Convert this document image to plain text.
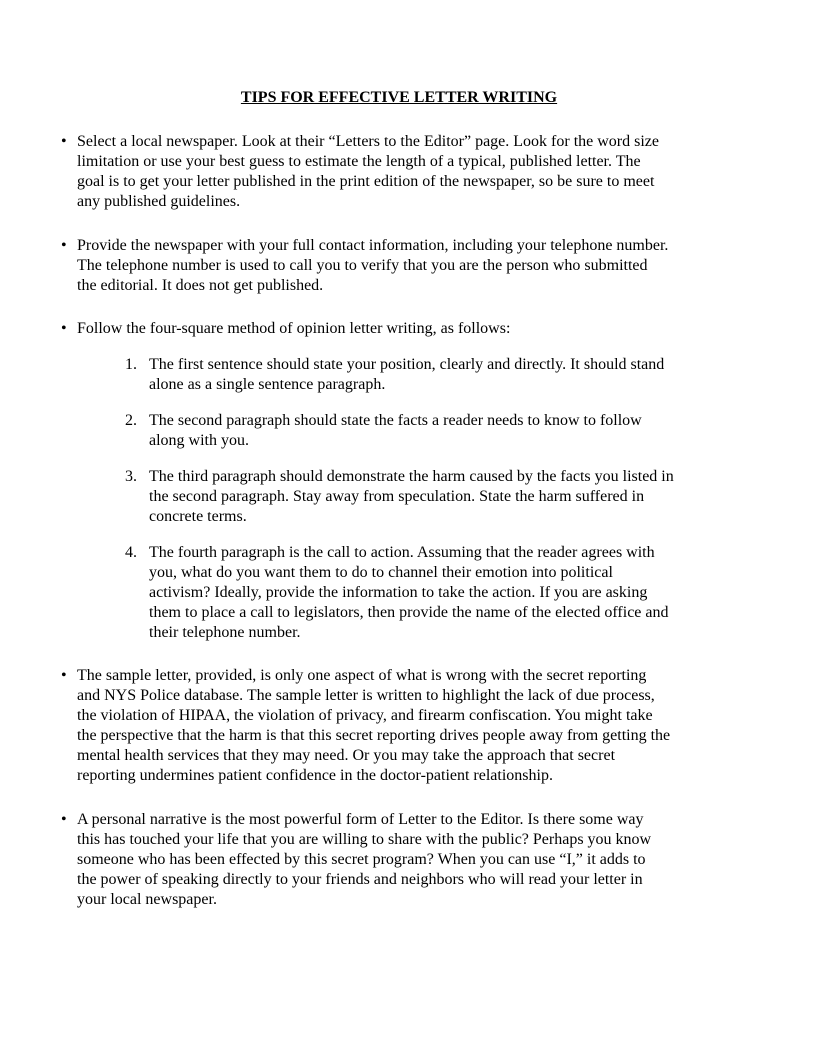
TIPS FOR EFFECTIVE LETTER WRITING
• Select a local newspaper. Look at their “Letters to the Editor” page. Look for the word size
limitation or use your best guess to estimate the length of a typical, published letter. The
goal is to get your letter published in the print edition of the newspaper, so be sure to meet
any published guidelines.
• Provide the newspaper with your full contact information, including your telephone number.
The telephone number is used to call you to verify that you are the person who submitted
the editorial. It does not get published.
• Follow the four-square method of opinion letter writing, as follows:
1. The first sentence should state your position, clearly and directly. It should stand
alone as a single sentence paragraph.
2. The second paragraph should state the facts a reader needs to know to follow
along with you.
3. The third paragraph should demonstrate the harm caused by the facts you listed in
the second paragraph. Stay away from speculation. State the harm suffered in
concrete terms.
4. The fourth paragraph is the call to action. Assuming that the reader agrees with
you, what do you want them to do to channel their emotion into political
activism? Ideally, provide the information to take the action. If you are asking
them to place a call to legislators, then provide the name of the elected office and
their telephone number.
• The sample letter, provided, is only one aspect of what is wrong with the secret reporting
and NYS Police database. The sample letter is written to highlight the lack of due process,
the violation of HIPAA, the violation of privacy, and firearm confiscation. You might take
the perspective that the harm is that this secret reporting drives people away from getting the
mental health services that they may need. Or you may take the approach that secret
reporting undermines patient confidence in the doctor-patient relationship.
• A personal narrative is the most powerful form of Letter to the Editor. Is there some way
this has touched your life that you are willing to share with the public? Perhaps you know
someone who has been effected by this secret program? When you can use “I,” it adds to
the power of speaking directly to your friends and neighbors who will read your letter in
your local newspaper.
